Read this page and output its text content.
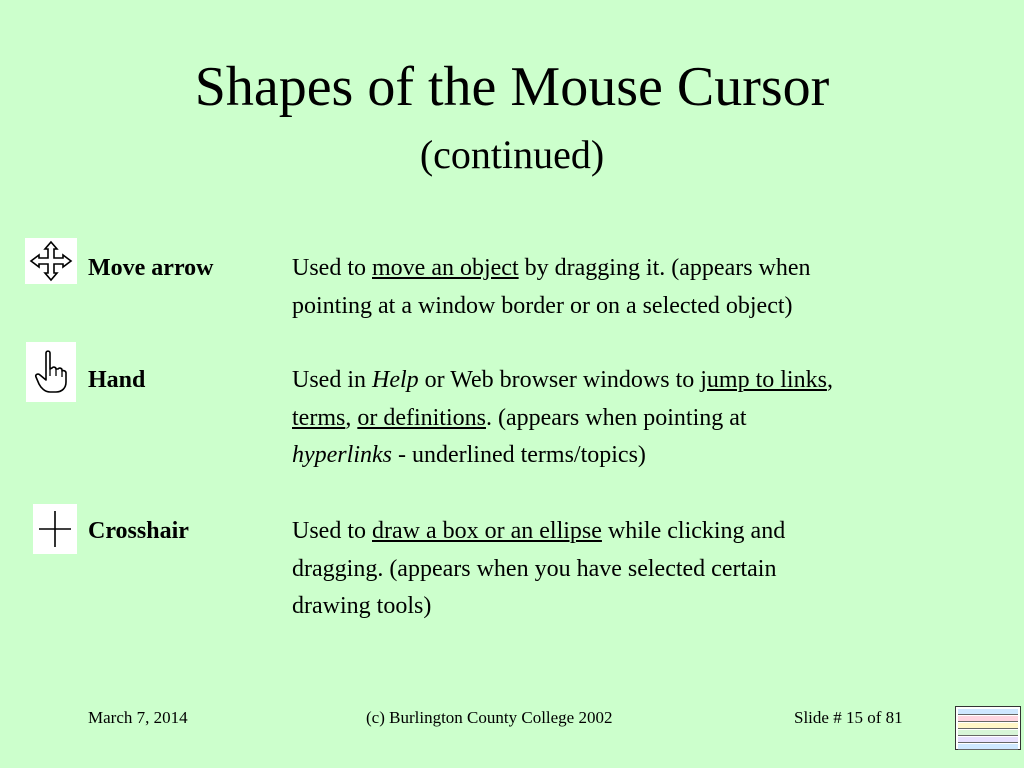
Shapes of the Mouse Cursor
(continued)
Move arrow	Used to move an object by dragging it. (appears when
pointing at a window border or on a selected object)
Hand	Used in Help or Web browser windows to jump to links,
terms, or definitions. (appears when pointing at
hyperlinks - underlined terms/topics)
Crosshair	Used to draw a box or an ellipse while clicking and
dragging. (appears when you have selected certain
drawing tools)
March 7, 2014	(c) Burlington County College 2002	Slide # 15 of 81
